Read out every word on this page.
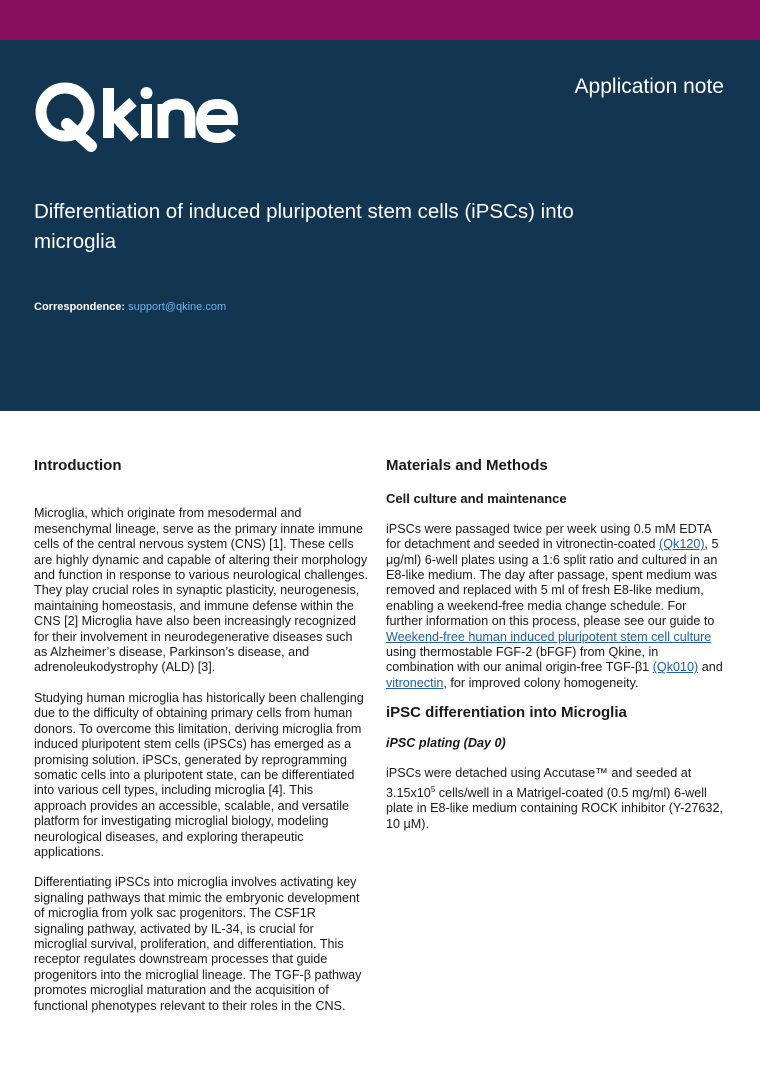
Application note
Differentiation of induced pluripotent stem cells (iPSCs) into microglia
Correspondence: support@qkine.com
Introduction

Microglia, which originate from mesodermal and mesenchymal lineage, serve as the primary innate immune cells of the central nervous system (CNS) [1]. These cells are highly dynamic and capable of altering their morphology and function in response to various neurological challenges. They play crucial roles in synaptic plasticity, neurogenesis, maintaining homeostasis, and immune defense within the CNS [2] Microglia have also been increasingly recognized for their involvement in neurodegenerative diseases such as Alzheimer’s disease, Parkinson’s disease, and adrenoleukodystrophy (ALD) [3].

Studying human microglia has historically been challenging due to the difficulty of obtaining primary cells from human donors. To overcome this limitation, deriving microglia from induced pluripotent stem cells (iPSCs) has emerged as a promising solution. iPSCs, generated by reprogramming somatic cells into a pluripotent state, can be differentiated into various cell types, including microglia [4]. This approach provides an accessible, scalable, and versatile platform for investigating microglial biology, modeling neurological diseases, and exploring therapeutic applications.

Differentiating iPSCs into microglia involves activating key signaling pathways that mimic the embryonic development of microglia from yolk sac progenitors. The CSF1R signaling pathway, activated by IL-34, is crucial for microglial survival, proliferation, and differentiation. This receptor regulates downstream processes that guide progenitors into the microglial lineage. The TGF-β pathway promotes microglial maturation and the acquisition of functional phenotypes relevant to their roles in the CNS.

Materials and Methods
Cell culture and maintenance

iPSCs were passaged twice per week using 0.5 mM EDTA for detachment and seeded in vitronectin-coated (Qk120), 5 μg/ml) 6-well plates using a 1:6 split ratio and cultured in an E8-like medium. The day after passage, spent medium was removed and replaced with 5 ml of fresh E8-like medium, enabling a weekend-free media change schedule. For further information on this process, please see our guide to Weekend-free human induced pluripotent stem cell culture using thermostable FGF-2 (bFGF) from Qkine, in combination with our animal origin-free TGF-β1 (Qk010) and vitronectin, for improved colony homogeneity.

iPSC differentiation into Microglia
iPSC plating (Day 0)

iPSCs were detached using Accutase™ and seeded at $3.15x10^5$ cells/well in a Matrigel-coated (0.5 mg/ml) 6-well plate in E8-like medium containing ROCK inhibitor (Y-27632, 10 μM).
